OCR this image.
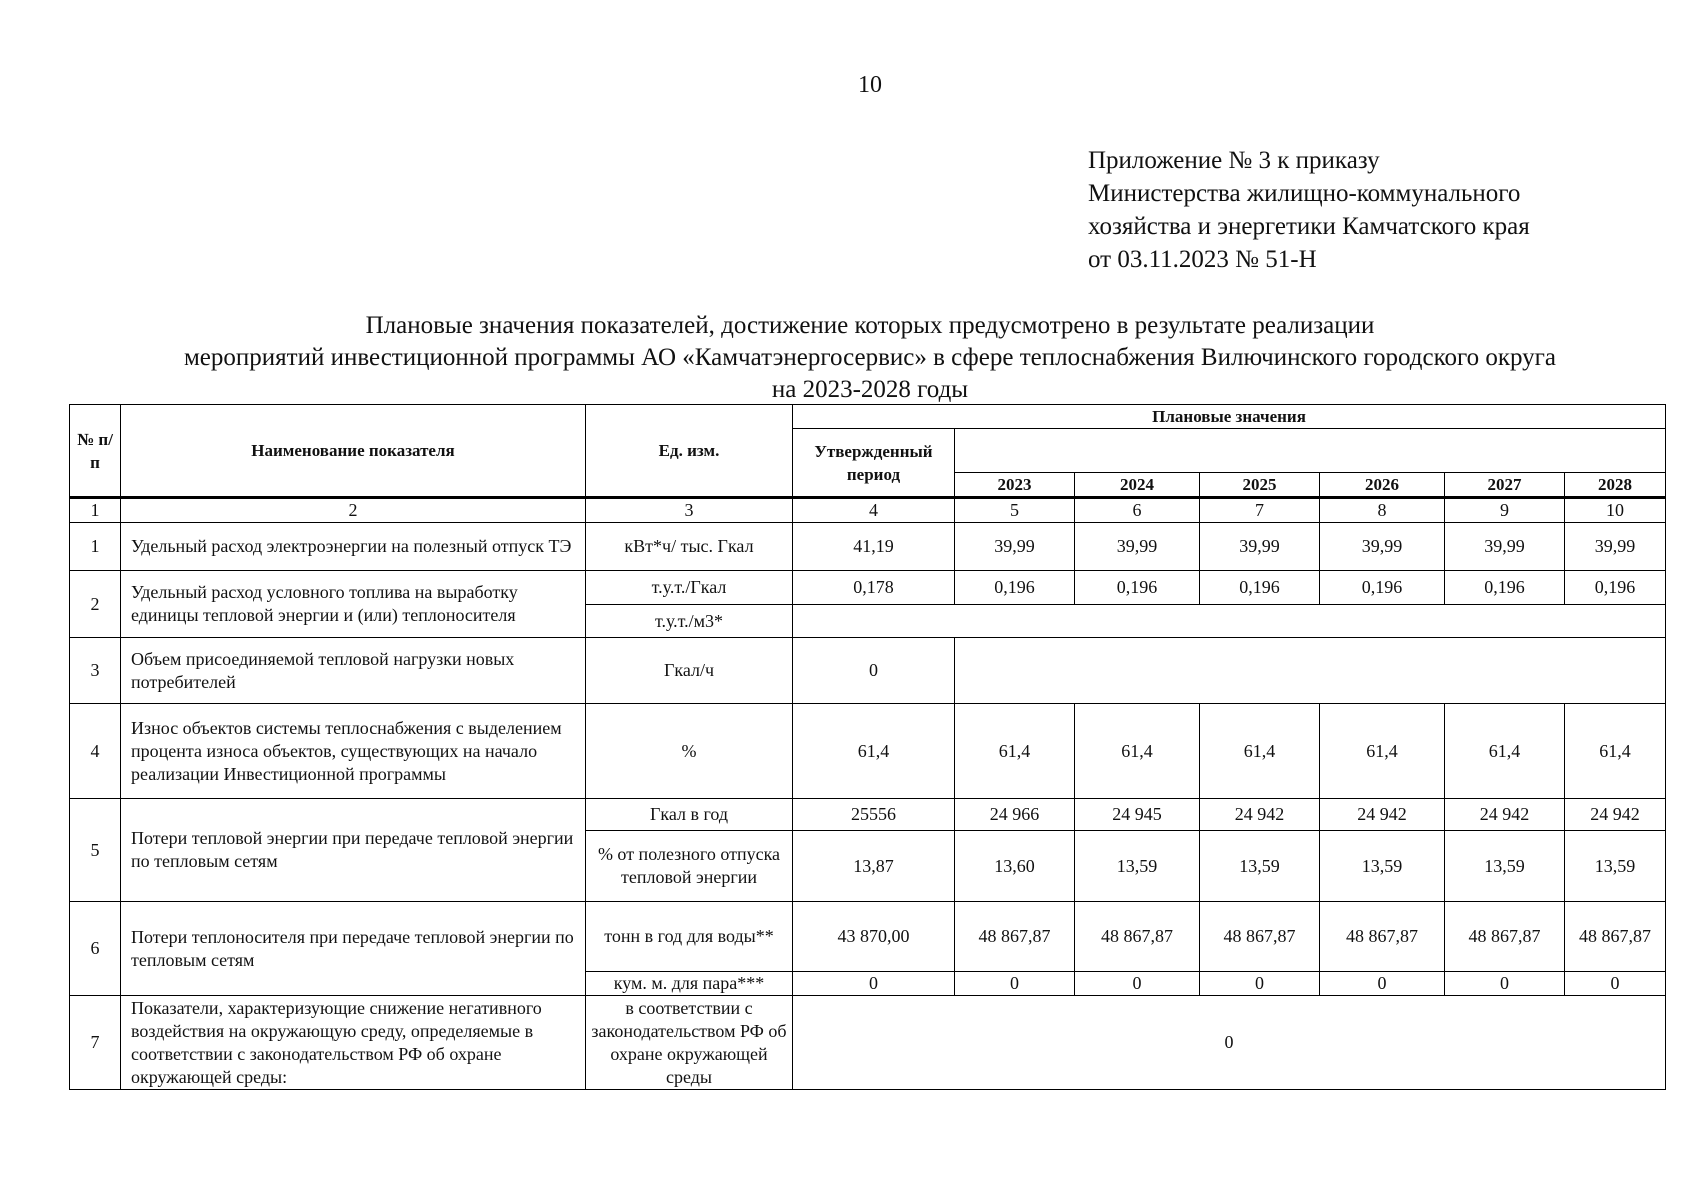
10
Приложение № 3 к приказу
Министерства жилищно-коммунального
хозяйства и энергетики Камчатского края
от 03.11.2023 № 51-Н
Плановые значения показателей, достижение которых предусмотрено в результате реализации
мероприятий инвестиционной программы АО «Камчатэнергосервис» в сфере теплоснабжения Вилючинского городского округа
на 2023-2028 годы
№ п/п	Наименование показателя	Ед. изм.	Плановые значения						
			Утвержденный период						
				2023	2024	2025	2026	2027	2028
1	2	3	4	5	6	7	8	9	10
1	Удельный расход электроэнергии на полезный отпуск ТЭ	кВт*ч/ тыс. Гкал	41,19	39,99	39,99	39,99	39,99	39,99	39,99
2	Удельный расход условного топлива на выработку единицы тепловой энергии и (или) теплоносителя	т.у.т./Гкал	0,178	0,196	0,196	0,196	0,196	0,196	0,196
		т.у.т./м3*							
3	Объем присоединяемой тепловой нагрузки новых потребителей	Гкал/ч	0						
4	Износ объектов системы теплоснабжения с выделением процента износа объектов, существующих на начало реализации Инвестиционной программы	%	61,4	61,4	61,4	61,4	61,4	61,4	61,4
5	Потери тепловой энергии при передаче тепловой энергии по тепловым сетям	Гкал в год	25556	24 966	24 945	24 942	24 942	24 942	24 942
		% от полезного отпуска тепловой энергии	13,87	13,60	13,59	13,59	13,59	13,59	13,59
6	Потери теплоносителя при передаче тепловой энергии по тепловым сетям	тонн в год для воды**	43 870,00	48 867,87	48 867,87	48 867,87	48 867,87	48 867,87	48 867,87
		кум. м. для пара***	0	0	0	0	0	0	0
7	Показатели, характеризующие снижение негативного воздействия на окружающую среду, определяемые в соответствии с законодательством РФ об охране окружающей среды:	в соответствии с законодательством РФ об охране окружающей среды	0						
